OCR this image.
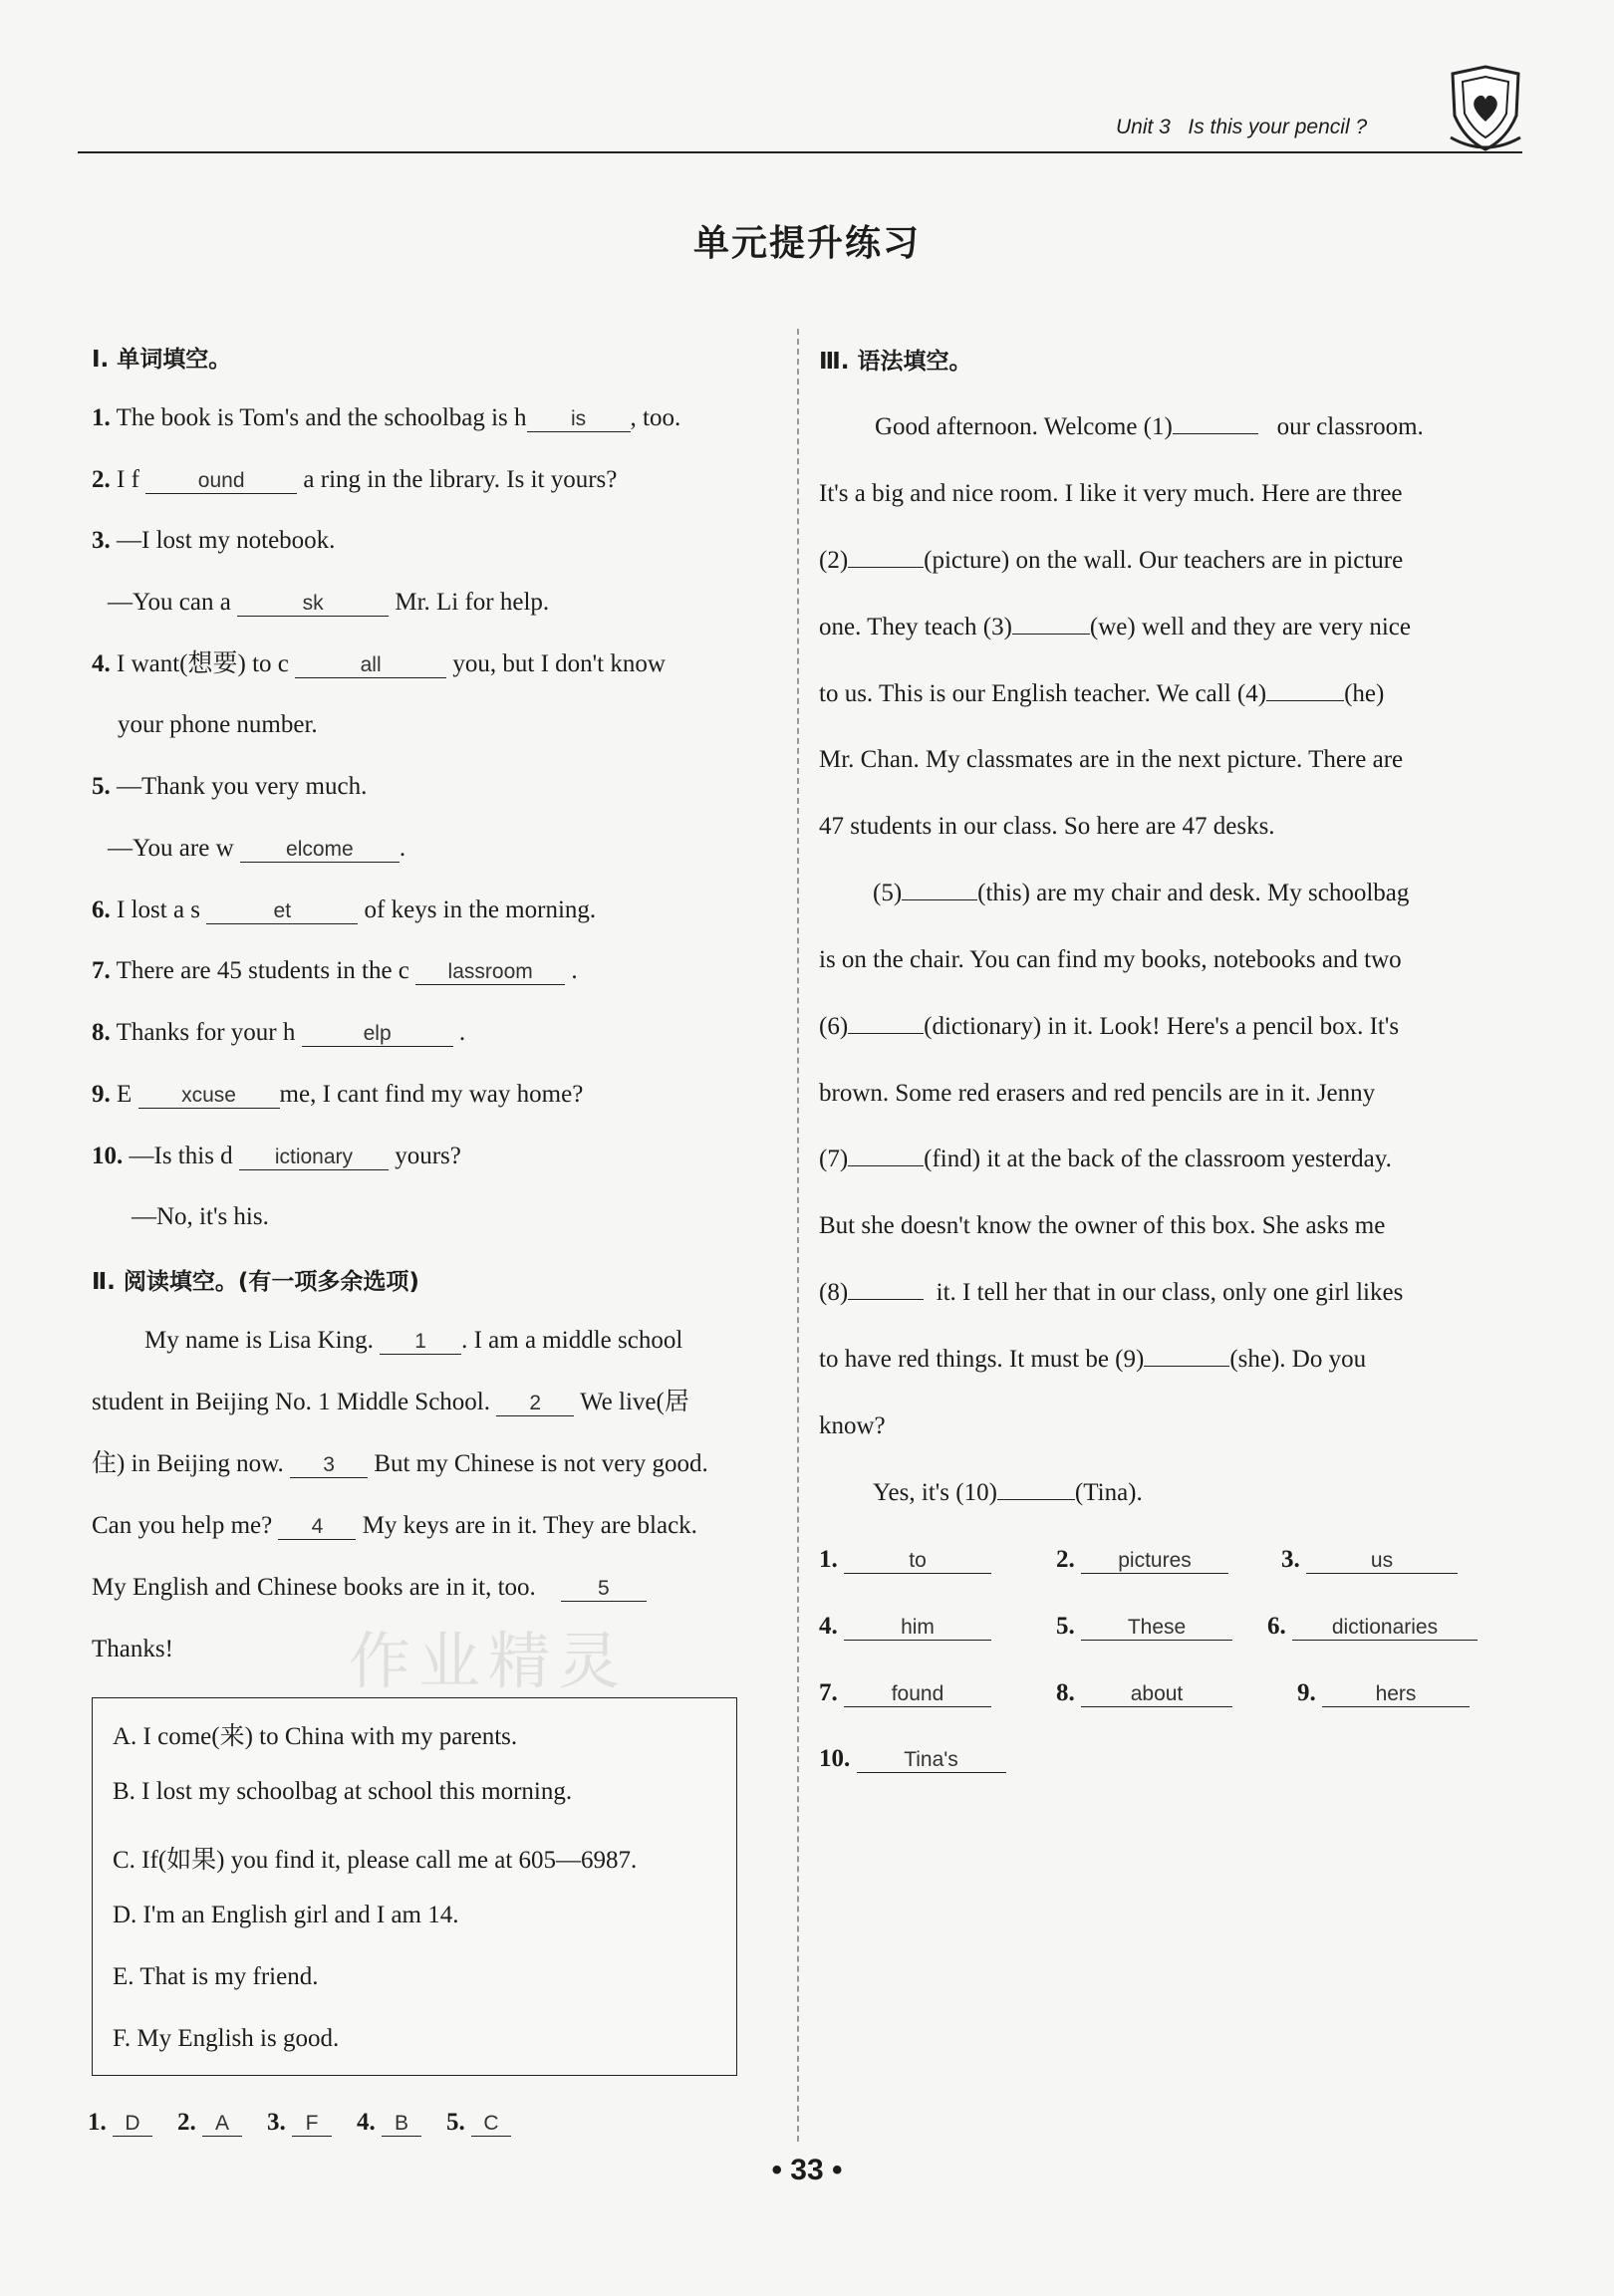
Unit 3 Is this your pencil ?
单元提升练习
作业精灵
Ⅰ. 单词填空。
1. The book is Tom's and the schoolbag is h is , too.
2. I f	ound a ring in the library. Is it yours?
3. —I lost my notebook.
—You can a	sk	Mr. Li for help.
4. I want(想要) to c	all	you, but I don't know
your phone number.
5. —Thank you very much.
—You are w elcome .
6. I lost a s	et	of keys in the morning.
7. There are 45 students in the c lassroom .
8. Thanks for your h	elp	.
9. E xcuse me, I cant find my way home?
10. —Is this d ictionary yours?
—No, it's his.
Ⅱ. 阅读填空。(有一项多余选项)
My name is Lisa King. 1 . I am a middle school
student in Beijing No. 1 Middle School. 2 We live(居
住) in Beijing now. 3 But my Chinese is not very good.
Can you help me? 4 My keys are in it. They are black.
My English and Chinese books are in it, too.	5
Thanks!
A. I come(来) to China with my parents.
B. I lost my schoolbag at school this morning.
C. If(如果) you find it, please call me at 605—6987.
D. I'm an English girl and I am 14.
E. That is my friend.
F. My English is good.
1. D 2. A 3. F 4. B 5. C
Ⅲ. 语法填空。
Good afternoon. Welcome (1)	our classroom.
It's a big and nice room. I like it very much. Here are three
(2)	(picture) on the wall. Our teachers are in picture
one. They teach (3)	(we) well and they are very nice
to us. This is our English teacher. We call (4)	(he)
Mr. Chan. My classmates are in the next picture. There are
47 students in our class. So here are 47 desks.
(5)	(this) are my chair and desk. My schoolbag
is on the chair. You can find my books, notebooks and two
(6)	(dictionary) in it. Look! Here's a pencil box. It's
brown. Some red erasers and red pencils are in it. Jenny
(7)	(find) it at the back of the classroom yesterday.
But she doesn't know the owner of this box. She asks me
(8)	it. I tell her that in our class, only one girl likes
to have red things. It must be (9)	(she). Do you
know?
Yes, it's (10)	(Tina).
1.	to	2. pictures	3.	us
4.	him	5.	These	6. dictionaries
7.	found	8.	about	9.	hers
10.	Tina's
• 33 •
